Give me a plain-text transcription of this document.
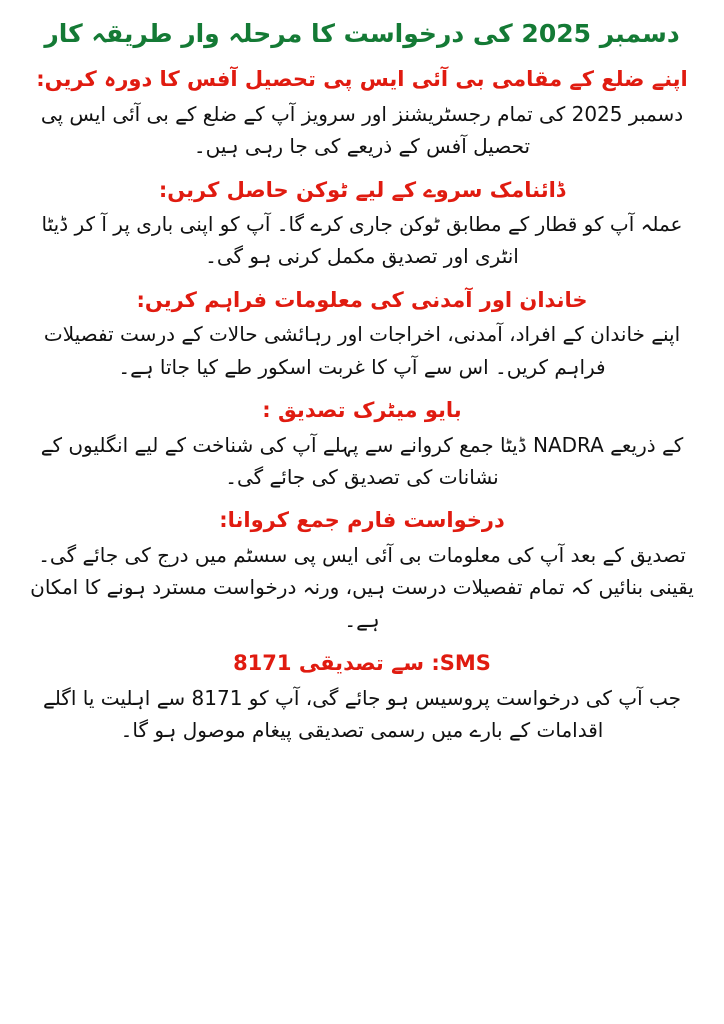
دسمبر 2025 کی درخواست کا مرحلہ وار طریقہ کار
اپنے ضلع کے مقامی بی آئی ایس پی تحصیل آفس کا دورہ کریں:
دسمبر 2025 کی تمام رجسٹریشنز اور سرویز آپ کے ضلع کے بی آئی ایس پی تحصیل آفس کے ذریعے کی جا رہی ہیں۔
ڈائنامک سروے کے لیے ٹوکن حاصل کریں:
عملہ آپ کو قطار کے مطابق ٹوکن جاری کرے گا۔ آپ کو اپنی باری پر آ کر ڈیٹا انٹری اور تصدیق مکمل کرنی ہو گی۔
خاندان اور آمدنی کی معلومات فراہم کریں:
اپنے خاندان کے افراد، آمدنی، اخراجات اور رہائشی حالات کے درست تفصیلات فراہم کریں۔ اس سے آپ کا غربت اسکور طے کیا جاتا ہے۔
بایو میٹرک تصدیق :
کے ذریعے NADRA ڈیٹا جمع کروانے سے پہلے آپ کی شناخت کے لیے انگلیوں کے نشانات کی تصدیق کی جائے گی۔
درخواست فارم جمع کروانا:
تصدیق کے بعد آپ کی معلومات بی آئی ایس پی سسٹم میں درج کی جائے گی۔ یقینی بنائیں کہ تمام تفصیلات درست ہیں، ورنہ درخواست مسترد ہونے کا امکان ہے۔
SMS: سے تصدیقی 8171
جب آپ کی درخواست پروسیس ہو جائے گی، آپ کو 8171 سے اہلیت یا اگلے اقدامات کے بارے میں رسمی تصدیقی پیغام موصول ہو گا۔
